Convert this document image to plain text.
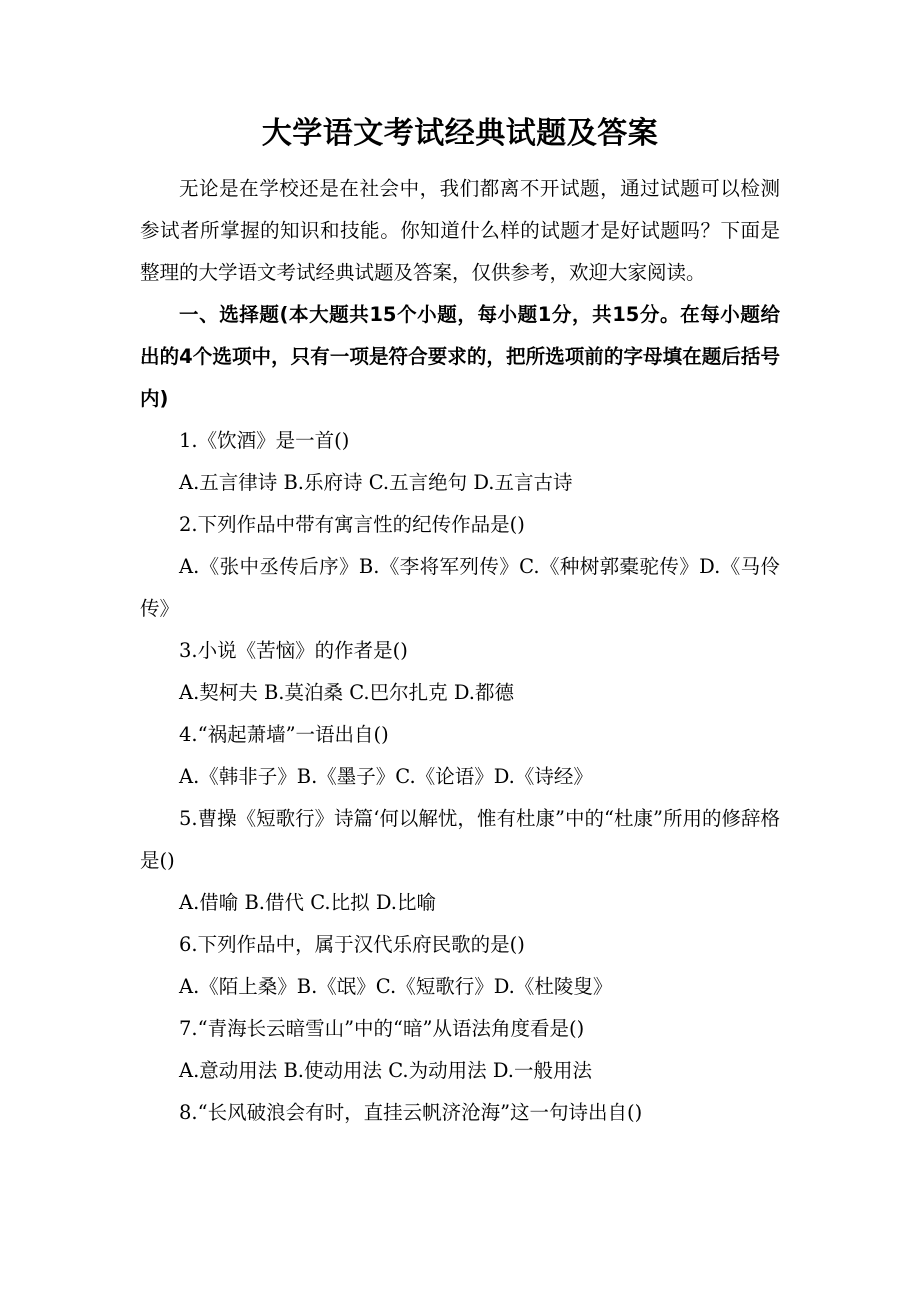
大学语文考试经典试题及答案

无论是在学校还是在社会中，我们都离不开试题，通过试题可以检测参试者所掌握的知识和技能。你知道什么样的试题才是好试题吗？下面是整理的大学语文考试经典试题及答案，仅供参考，欢迎大家阅读。

一、选择题(本大题共15个小题，每小题1分，共15分。在每小题给出的4个选项中，只有一项是符合要求的，把所选项前的字母填在题后括号内)

1.《饮酒》是一首()

A.五言律诗 B.乐府诗 C.五言绝句 D.五言古诗

2.下列作品中带有寓言性的纪传作品是()

A.《张中丞传后序》B.《李将军列传》C.《种树郭橐驼传》D.《马伶传》

3.小说《苦恼》的作者是()

A.契柯夫 B.莫泊桑 C.巴尔扎克 D.都德

4.“祸起萧墙”一语出自()

A.《韩非子》B.《墨子》C.《论语》D.《诗经》

5.曹操《短歌行》诗篇‘何以解忧，惟有杜康”中的“杜康”所用的修辞格是()

A.借喻 B.借代 C.比拟 D.比喻

6.下列作品中，属于汉代乐府民歌的是()

A.《陌上桑》B.《氓》C.《短歌行》D.《杜陵叟》

7.“青海长云暗雪山”中的“暗”从语法角度看是()

A.意动用法 B.使动用法 C.为动用法 D.一般用法

8.“长风破浪会有时，直挂云帆济沧海”这一句诗出自()
